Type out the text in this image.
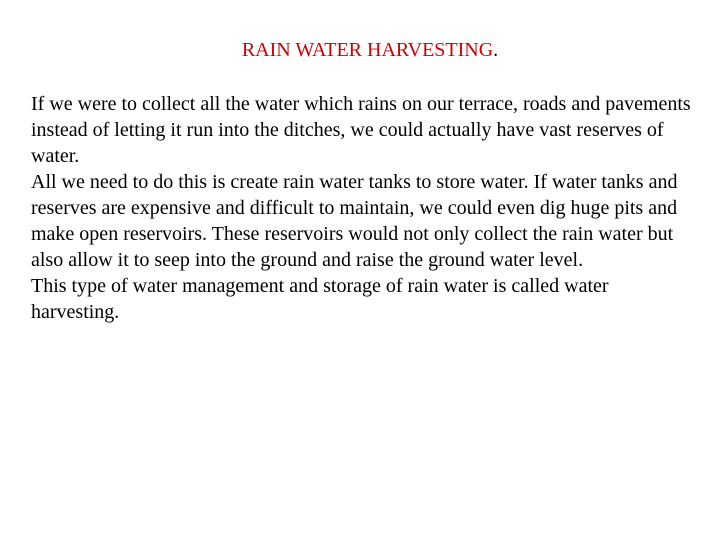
RAIN WATER HARVESTING.

If we were to collect all the water which rains on our terrace, roads and pavements instead of letting it run into the ditches, we could actually have vast reserves of water.

All we need to do this is create rain water tanks to store water. If water tanks and reserves are expensive and difficult to maintain, we could even dig huge pits and make open reservoirs. These reservoirs would not only collect the rain water but also allow it to seep into the ground and raise the ground water level.

This type of water management and storage of rain water is called water harvesting.
